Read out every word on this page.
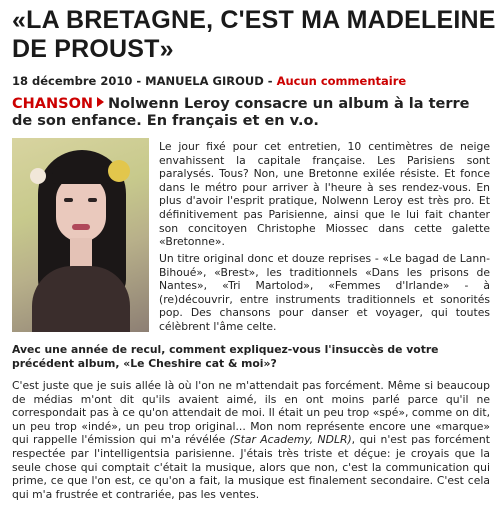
«LA BRETAGNE, C'EST MA MADELEINE DE PROUST»
18 décembre 2010 - MANUELA GIROUD - Aucun commentaire
CHANSON Nolwenn Leroy consacre un album à la terre de son enfance. En français et en v.o.
Le jour fixé pour cet entretien, 10 centimètres de neige envahissent la capitale française. Les Parisiens sont paralysés. Tous? Non, une Bretonne exilée résiste. Et fonce dans le métro pour arriver à l'heure à ses rendez-vous. En plus d'avoir l'esprit pratique, Nolwenn Leroy est très pro. Et définitivement pas Parisienne, ainsi que le lui fait chanter son concitoyen Christophe Miossec dans cette galette «Bretonne».
Un titre original donc et douze reprises - «Le bagad de Lann-Bihoué», «Brest», les traditionnels «Dans les prisons de Nantes», «Tri Martolod», «Femmes d'Irlande» - à (re)découvrir, entre instruments traditionnels et sonorités pop. Des chansons pour danser et voyager, qui toutes célèbrent l'âme celte.
Avec une année de recul, comment expliquez-vous l'insuccès de votre précédent album, «Le Cheshire cat & moi»?
C'est juste que je suis allée là où l'on ne m'attendait pas forcément. Même si beaucoup de médias m'ont dit qu'ils avaient aimé, ils en ont moins parlé parce qu'il ne correspondait pas à ce qu'on attendait de moi. Il était un peu trop «spé», comme on dit, un peu trop «indé», un peu trop original... Mon nom représente encore une «marque» qui rappelle l'émission qui m'a révélée (Star Academy, NDLR), qui n'est pas forcément respectée par l'intelligentsia parisienne. J'étais très triste et déçue: je croyais que la seule chose qui comptait c'était la musique, alors que non, c'est la communication qui prime, ce que l'on est, ce qu'on a fait, la musique est finalement secondaire. C'est cela qui m'a frustrée et contrariée, pas les ventes.
